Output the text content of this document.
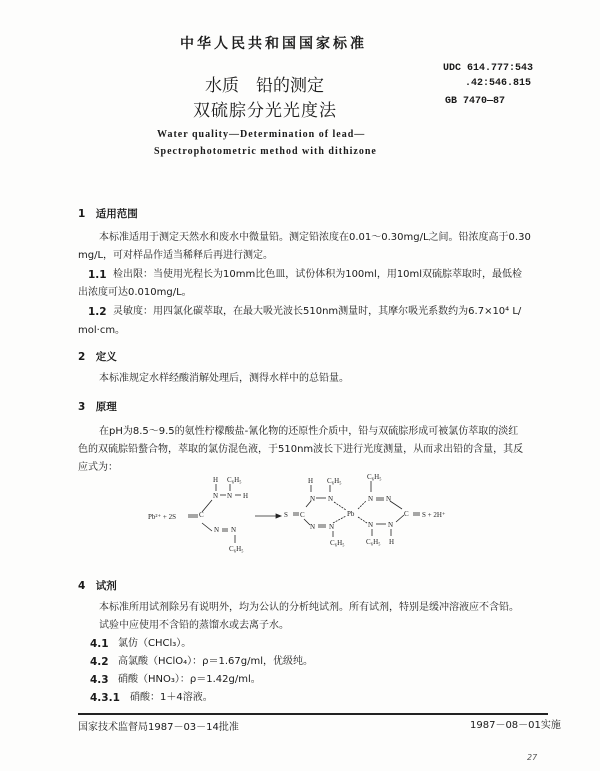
中华人民共和国国家标准
水质　铅的测定
双硫腙分光光度法
UDC 614.777:543
.42:546.815
GB 7470—87
Water quality—Determination of lead—
Spectrophotometric method with dithizone
1　适用范围
本标准适用于测定天然水和废水中微量铅。测定铅浓度在0.01～0.30mg/L之间。铅浓度高于0.30
mg/L，可对样品作适当稀释后再进行测定。
1.1 检出限：当使用光程长为10mm比色皿，试份体积为100ml，用10ml双硫腙萃取时，最低检
出浓度可达0.010mg/L。
1.2 灵敏度：用四氯化碳萃取，在最大吸光波长510nm测量时，其摩尔吸光系数约为6.7×10⁴ L/
mol·cm。
2　定义
本标准规定水样经酸消解处理后，测得水样中的总铅量。
3　原理
在pH为8.5～9.5的氨性柠檬酸盐-氰化物的还原性介质中，铅与双硫腙形成可被氯仿萃取的淡红
色的双硫腙铅螯合物，萃取的氯仿混色液，于510nm波长下进行光度测量，从而求出铅的含量，其反
应式为：
Pb²⁺ + 2S	C
H C₆H₅
N N H
N N
C₆H₅
S C
H C₆H₅
N N
N N
C₆H₅
Pb
C₆H₅
N N
C
N N
C₆H₅ H
S + 2H⁺
4　试剂
本标准所用试剂除另有说明外，均为公认的分析纯试剂。所有试剂，特别是缓冲溶液应不含铅。
试验中应使用不含铅的蒸馏水或去离子水。
4.1 氯仿（CHCl₃）。
4.2 高氯酸（HClO₄）：ρ＝1.67g/ml，优级纯。
4.3 硝酸（HNO₃）：ρ＝1.42g/ml。
4.3.1 硝酸：1＋4溶液。
国家技术监督局1987－03－14批准	1987－08－01实施
27
